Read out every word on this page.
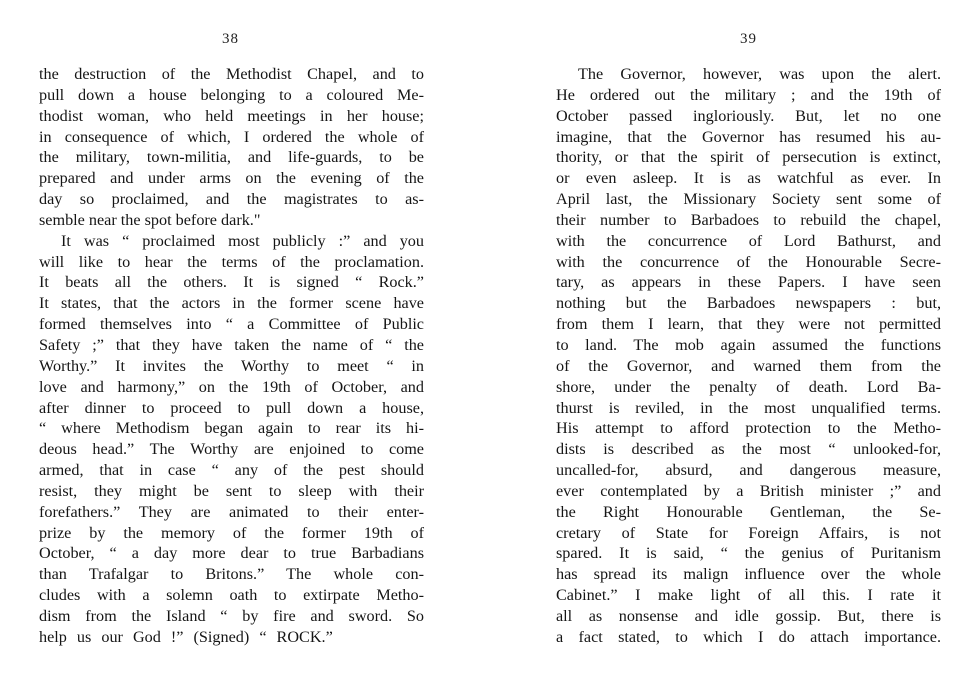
38
the destruction of the Methodist Chapel, and to
pull down a house belonging to a coloured Me-
thodist woman, who held meetings in her house;
in consequence of which, I ordered the whole of
the military, town-militia, and life-guards, to be
prepared and under arms on the evening of the
day so proclaimed, and the magistrates to as-
semble near the spot before dark."
It was “ proclaimed most publicly :” and you
will like to hear the terms of the proclamation.
It beats all the others. It is signed “ Rock.”
It states, that the actors in the former scene have
formed themselves into “ a Committee of Public
Safety ;” that they have taken the name of “ the
Worthy.” It invites the Worthy to meet “ in
love and harmony,” on the 19th of October, and
after dinner to proceed to pull down a house,
“ where Methodism began again to rear its hi-
deous head.” The Worthy are enjoined to come
armed, that in case “ any of the pest should
resist, they might be sent to sleep with their
forefathers.” They are animated to their enter-
prize by the memory of the former 19th of
October, “ a day more dear to true Barbadians
than Trafalgar to Britons.” The whole con-
cludes with a solemn oath to extirpate Metho-
dism from the Island “ by fire and sword. So
help us our God !” (Signed) “ ROCK.”
39
The Governor, however, was upon the alert.
He ordered out the military ; and the 19th of
October passed ingloriously. But, let no one
imagine, that the Governor has resumed his au-
thority, or that the spirit of persecution is extinct,
or even asleep. It is as watchful as ever. In
April last, the Missionary Society sent some of
their number to Barbadoes to rebuild the chapel,
with the concurrence of Lord Bathurst, and
with the concurrence of the Honourable Secre-
tary, as appears in these Papers. I have seen
nothing but the Barbadoes newspapers : but,
from them I learn, that they were not permitted
to land. The mob again assumed the functions
of the Governor, and warned them from the
shore, under the penalty of death. Lord Ba-
thurst is reviled, in the most unqualified terms.
His attempt to afford protection to the Metho-
dists is described as the most “ unlooked-for,
uncalled-for, absurd, and dangerous measure,
ever contemplated by a British minister ;” and
the Right Honourable Gentleman, the Se-
cretary of State for Foreign Affairs, is not
spared. It is said, “ the genius of Puritanism
has spread its malign influence over the whole
Cabinet.” I make light of all this. I rate it
all as nonsense and idle gossip. But, there is
a fact stated, to which I do attach importance.
